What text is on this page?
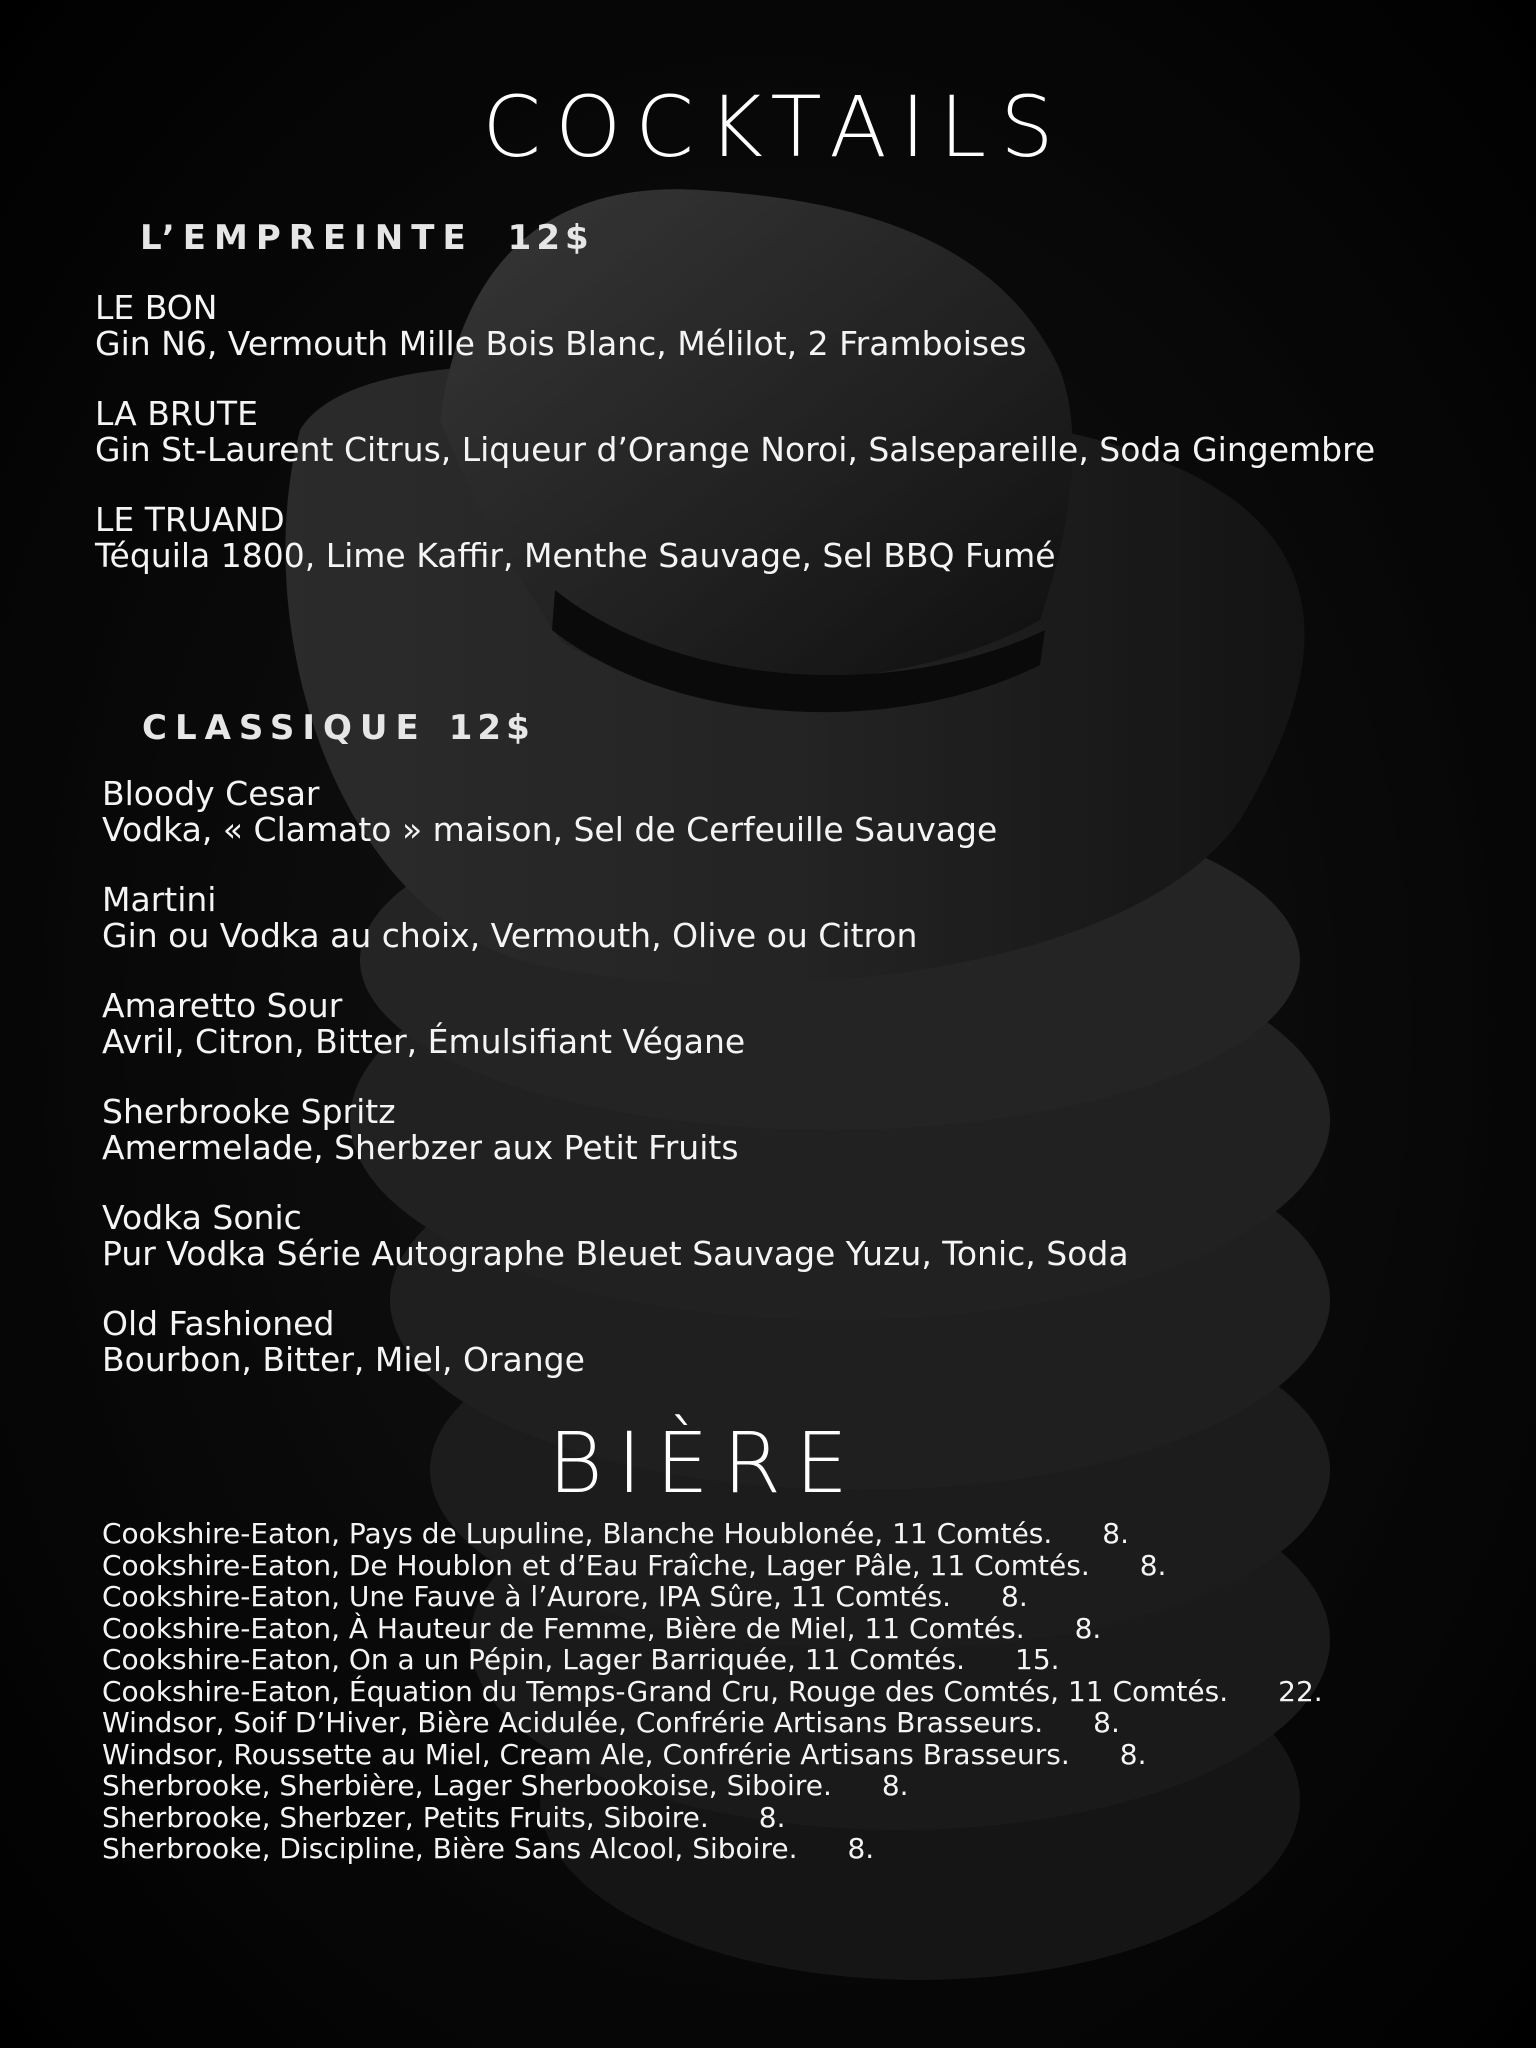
COCKTAILS
L’EMPREINTE 12$
LE BON
Gin N6, Vermouth Mille Bois Blanc, Mélilot, 2 Framboises
LA BRUTE
Gin St-Laurent Citrus, Liqueur d’Orange Noroi, Salsepareille, Soda Gingembre
LE TRUAND
Téquila 1800, Lime Kaffir, Menthe Sauvage, Sel BBQ Fumé
CLASSIQUE 12$
Bloody Cesar
Vodka, « Clamato » maison, Sel de Cerfeuille Sauvage
Martini
Gin ou Vodka au choix, Vermouth, Olive ou Citron
Amaretto Sour
Avril, Citron, Bitter, Émulsifiant Végane
Sherbrooke Spritz
Amermelade, Sherbzer aux Petit Fruits
Vodka Sonic
Pur Vodka Série Autographe Bleuet Sauvage Yuzu, Tonic, Soda
Old Fashioned
Bourbon, Bitter, Miel, Orange
BIÈRE
Cookshire-Eaton, Pays de Lupuline, Blanche Houblonée, 11 Comtés. 8.
Cookshire-Eaton, De Houblon et d’Eau Fraîche, Lager Pâle, 11 Comtés. 8.
Cookshire-Eaton, Une Fauve à l’Aurore, IPA Sûre, 11 Comtés. 8.
Cookshire-Eaton, À Hauteur de Femme, Bière de Miel, 11 Comtés. 8.
Cookshire-Eaton, On a un Pépin, Lager Barriquée, 11 Comtés. 15.
Cookshire-Eaton, Équation du Temps-Grand Cru, Rouge des Comtés, 11 Comtés. 22.
Windsor, Soif D’Hiver, Bière Acidulée, Confrérie Artisans Brasseurs. 8.
Windsor, Roussette au Miel, Cream Ale, Confrérie Artisans Brasseurs. 8.
Sherbrooke, Sherbière, Lager Sherbookoise, Siboire. 8.
Sherbrooke, Sherbzer, Petits Fruits, Siboire. 8.
Sherbrooke, Discipline, Bière Sans Alcool, Siboire. 8.
